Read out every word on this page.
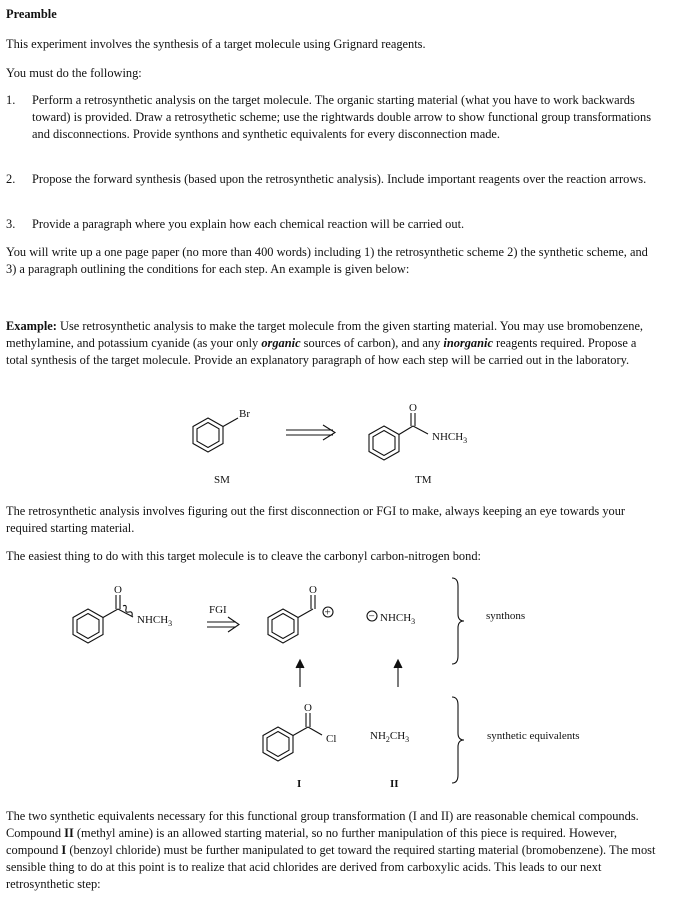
Preamble
This experiment involves the synthesis of a target molecule using Grignard reagents.
You must do the following:
1. Perform a retrosynthetic analysis on the target molecule. The organic starting material (what you have to work backwards toward) is provided. Draw a retrosythetic scheme; use the rightwards double arrow to show functional group transformations and disconnections. Provide synthons and synthetic equivalents for every disconnection made.
2. Propose the forward synthesis (based upon the retrosynthetic analysis). Include important reagents over the reaction arrows.
3. Provide a paragraph where you explain how each chemical reaction will be carried out.
You will write up a one page paper (no more than 400 words) including 1) the retrosynthetic scheme 2) the synthetic scheme, and 3) a paragraph outlining the conditions for each step. An example is given below:
Example: Use retrosynthetic analysis to make the target molecule from the given starting material. You may use bromobenzene, methylamine, and potassium cyanide (as your only organic sources of carbon), and any inorganic reagents required. Propose a total synthesis of the target molecule. Provide an explanatory paragraph of how each step will be carried out in the laboratory.
Br	O
$NHCH_3$
SM	TM
The retrosynthetic analysis involves figuring out the first disconnection or FGI to make, always keeping an eye towards your required starting material.
The easiest thing to do with this target molecule is to cleave the carbonyl carbon-nitrogen bond:
O
$NHCH_3$
FGI
O
+	− $NHCH_3$	synthons
O
Cl	$NH_2CH_3$	synthetic equivalents
I	II
The two synthetic equivalents necessary for this functional group transformation (I and II) are reasonable chemical compounds. Compound II (methyl amine) is an allowed starting material, so no further manipulation of this piece is required. However, compound I (benzoyl chloride) must be further manipulated to get toward the required starting material (bromobenzene). The most sensible thing to do at this point is to realize that acid chlorides are derived from carboxylic acids. This leads to our next retrosynthetic step:
